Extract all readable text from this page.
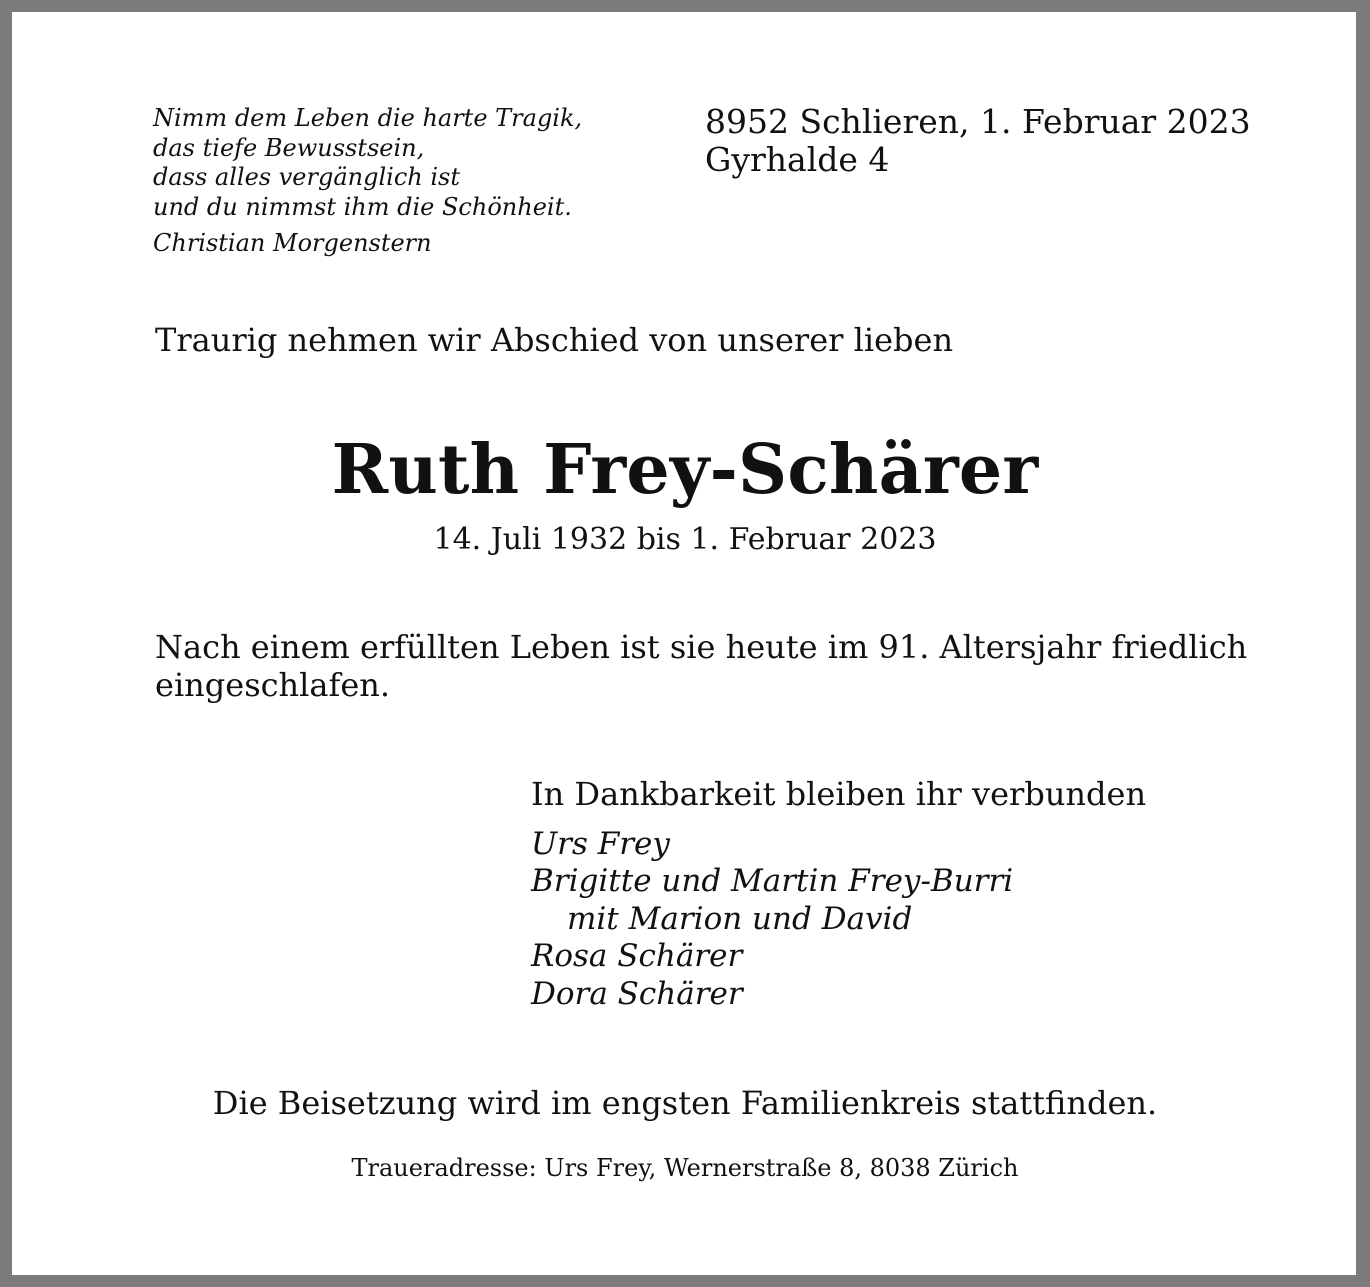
Nimm dem Leben die harte Tragik,
das tiefe Bewusstsein,
dass alles vergänglich ist
und du nimmst ihm die Schönheit.
Christian Morgenstern
8952 Schlieren, 1. Februar 2023
Gyrhalde 4
Traurig nehmen wir Abschied von unserer lieben
Ruth Frey-Schärer
14. Juli 1932 bis 1. Februar 2023
Nach einem erfüllten Leben ist sie heute im 91. Altersjahr friedlich
eingeschlafen.
In Dankbarkeit bleiben ihr verbunden
Urs Frey
Brigitte und Martin Frey-Burri
mit Marion und David
Rosa Schärer
Dora Schärer
Die Beisetzung wird im engsten Familienkreis stattfinden.
Traueradresse: Urs Frey, Wernerstraße 8, 8038 Zürich
